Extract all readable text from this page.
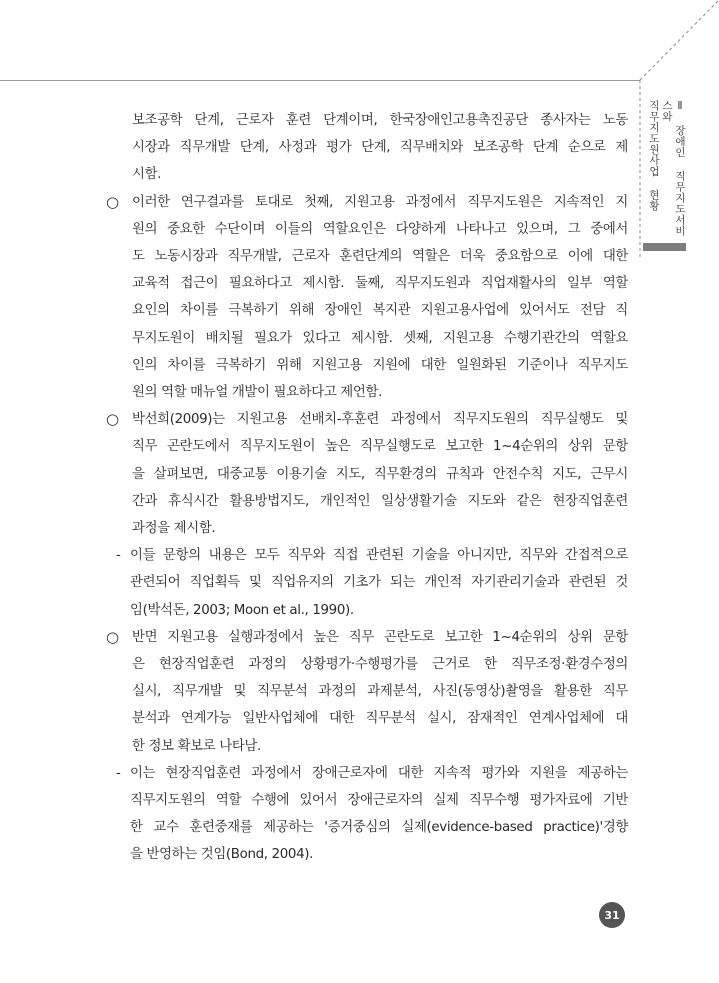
Ⅱ 장애인 직무지도서비스와
직무지도원사업 현황
보조공학 단계, 근로자 훈련 단계이며, 한국장애인고용촉진공단 종사자는 노동
시장과 직무개발 단계, 사정과 평가 단계, 직무배치와 보조공학 단계 순으로 제
시함.
○ 이러한 연구결과를 토대로 첫째, 지원고용 과정에서 직무지도원은 지속적인 지
원의 중요한 수단이며 이들의 역할요인은 다양하게 나타나고 있으며, 그 중에서
도 노동시장과 직무개발, 근로자 훈련단계의 역할은 더욱 중요함으로 이에 대한
교육적 접근이 필요하다고 제시함. 둘째, 직무지도원과 직업재활사의 일부 역할
요인의 차이를 극복하기 위해 장애인 복지관 지원고용사업에 있어서도 전담 직
무지도원이 배치될 필요가 있다고 제시함. 셋째, 지원고용 수행기관간의 역할요
인의 차이를 극복하기 위해 지원고용 지원에 대한 일원화된 기준이나 직무지도
원의 역할 매뉴얼 개발이 필요하다고 제언함.
○ 박선희(2009)는 지원고용 선배치-후훈련 과정에서 직무지도원의 직무실행도 및
직무 곤란도에서 직무지도원이 높은 직무실행도로 보고한 1~4순위의 상위 문항
을 살펴보면, 대중교통 이용기술 지도, 직무환경의 규칙과 안전수칙 지도, 근무시
간과 휴식시간 활용방법지도, 개인적인 일상생활기술 지도와 같은 현장직업훈련
과정을 제시함.
- 이들 문항의 내용은 모두 직무와 직접 관련된 기술을 아니지만, 직무와 간접적으로
관련되어 직업획득 및 직업유지의 기초가 되는 개인적 자기관리기술과 관련된 것
임(박석돈, 2003; Moon et al., 1990).
○ 반면 지원고용 실행과정에서 높은 직무 곤란도로 보고한 1~4순위의 상위 문항
은 현장직업훈련 과정의 상황평가·수행평가를 근거로 한 직무조정·환경수정의
실시, 직무개발 및 직무분석 과정의 과제분석, 사진(동영상)촬영을 활용한 직무
분석과 연계가능 일반사업체에 대한 직무분석 실시, 잠재적인 연계사업체에 대
한 정보 확보로 나타남.
- 이는 현장직업훈련 과정에서 장애근로자에 대한 지속적 평가와 지원을 제공하는
직무지도원의 역할 수행에 있어서 장애근로자의 실제 직무수행 평가자료에 기반
한 교수 훈련중재를 제공하는 '증거중심의 실제(evidence-based practice)'경향
을 반영하는 것임(Bond, 2004).
31
